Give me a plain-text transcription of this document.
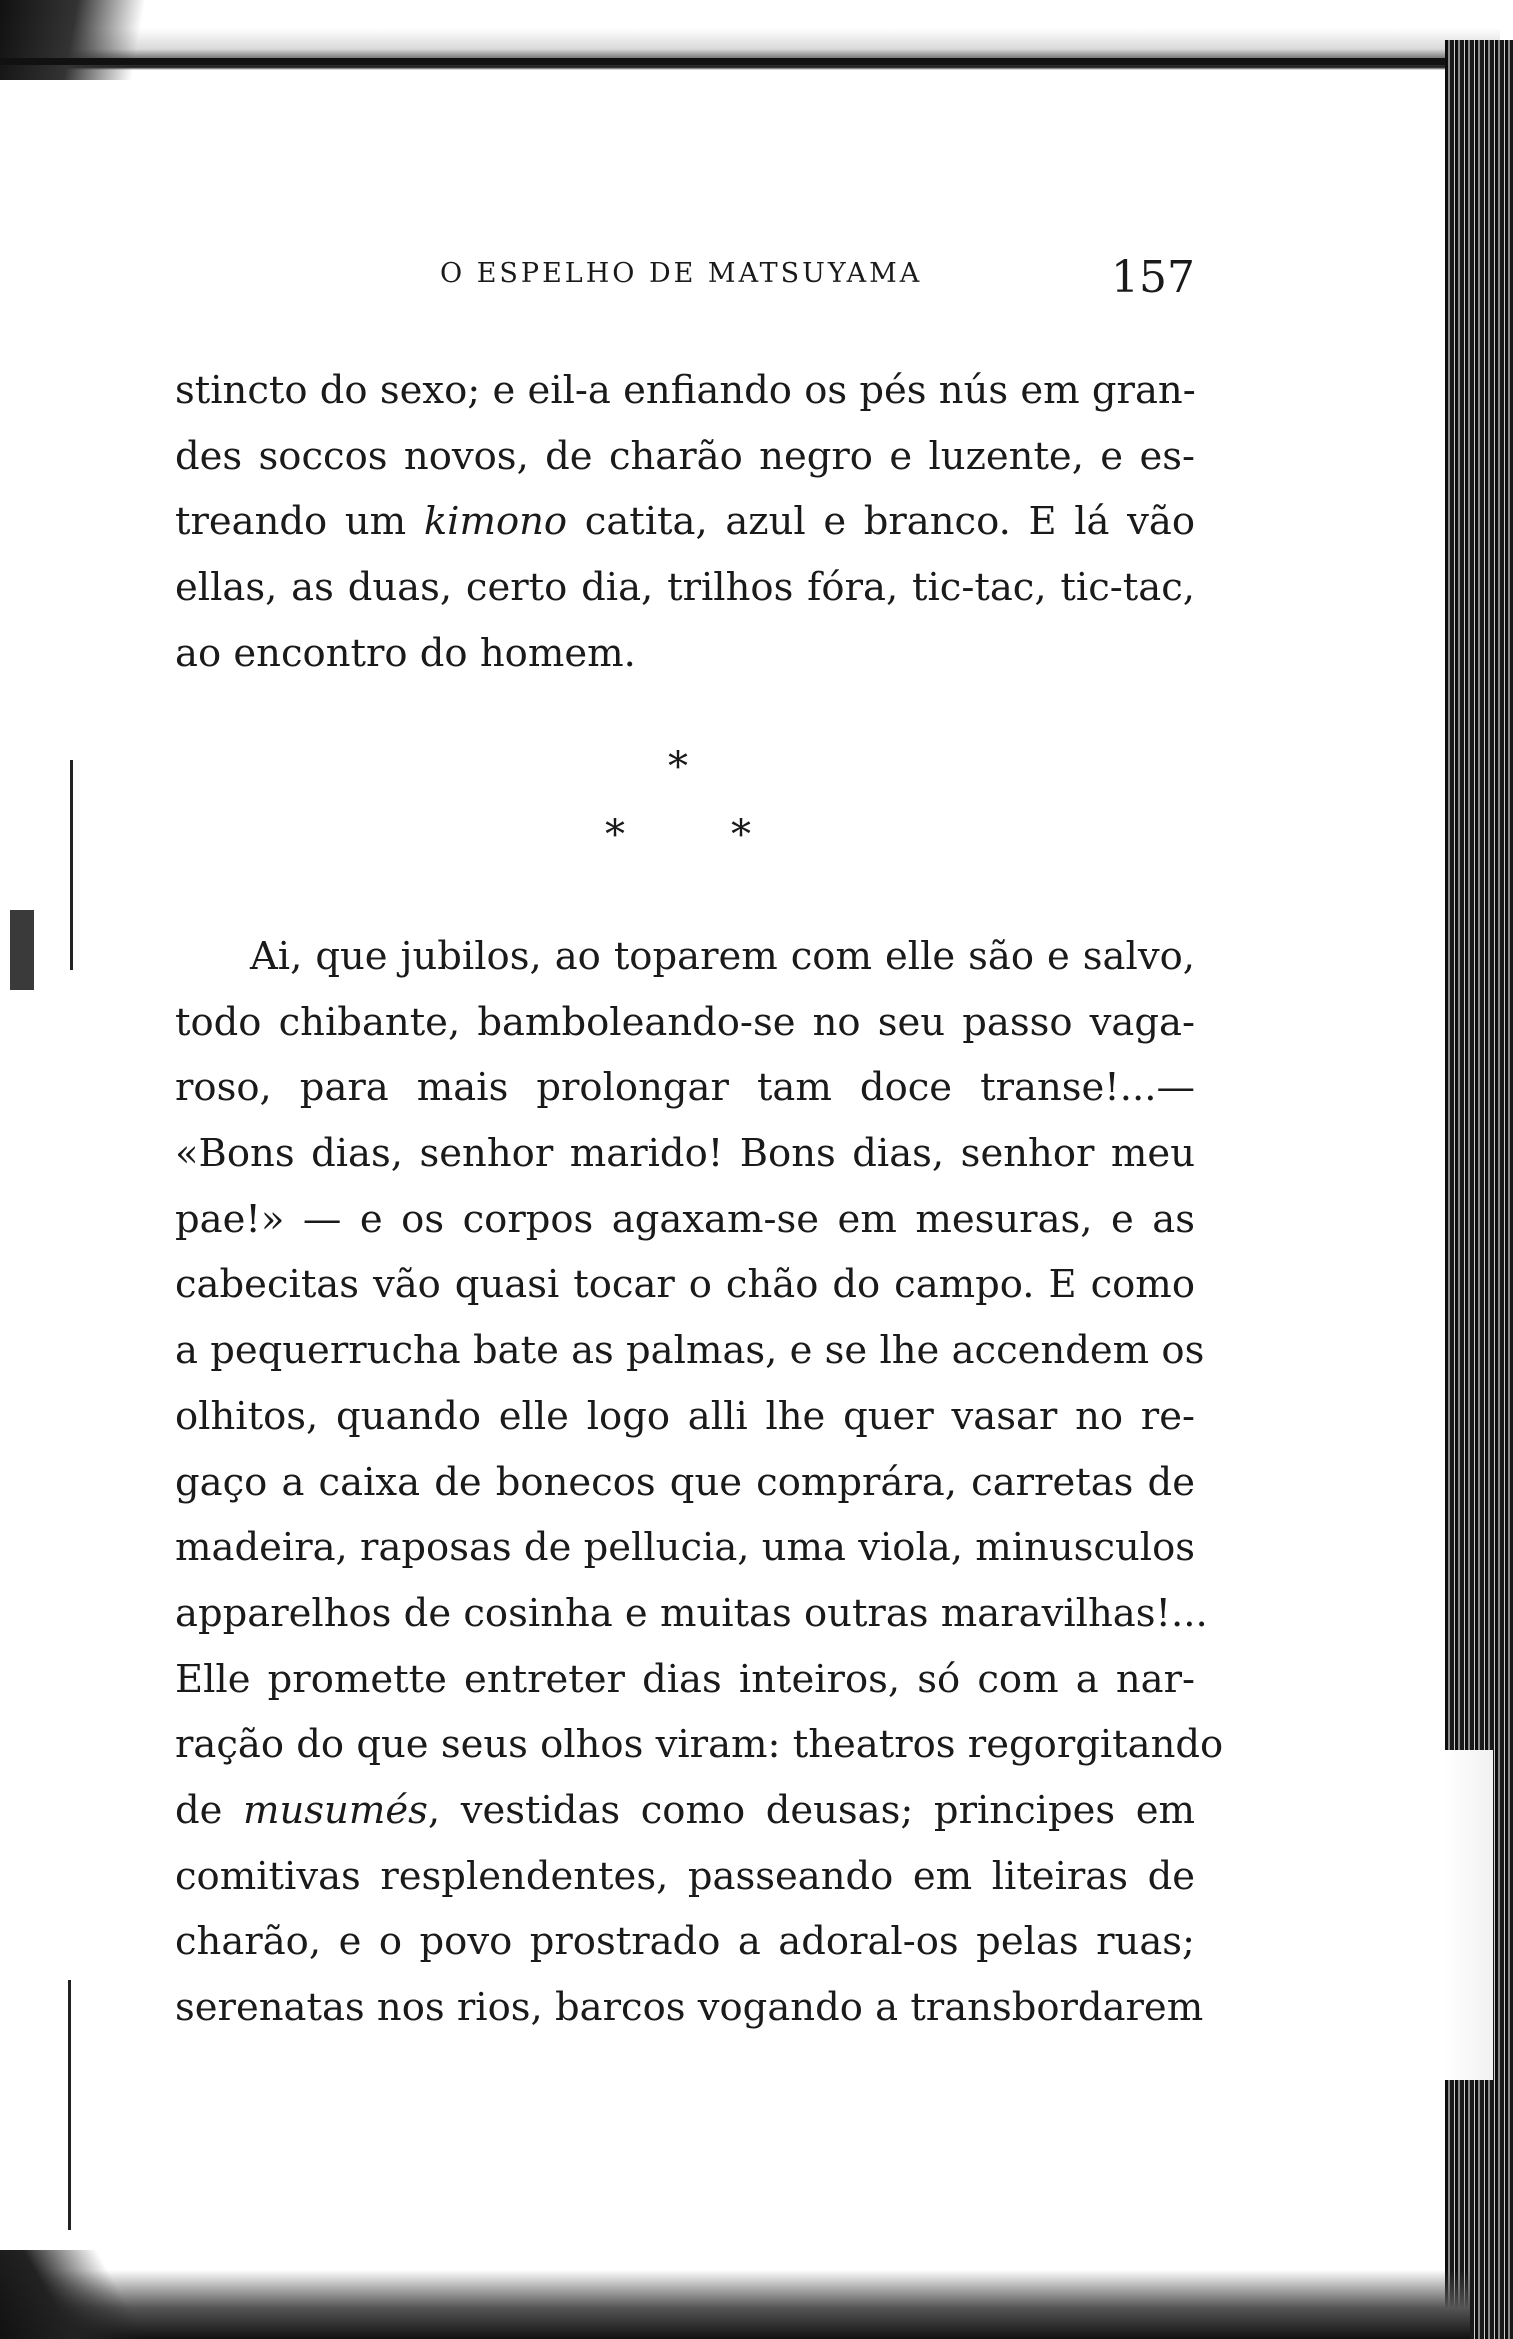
O ESPELHO DE MATSUYAMA	157
stincto do sexo; e eil-a enfiando os pés nús em gran-
des soccos novos, de charão negro e luzente, e es-
treando um kimono catita, azul e branco. E lá vão
ellas, as duas, certo dia, trilhos fóra, tic-tac, tic-tac,
ao encontro do homem.
*
*	*
Ai, que jubilos, ao toparem com elle são e salvo,
todo chibante, bamboleando-se no seu passo vaga-
roso, para mais prolongar tam doce transe!...—
«Bons dias, senhor marido! Bons dias, senhor meu
pae!» — e os corpos agaxam-se em mesuras, e as
cabecitas vão quasi tocar o chão do campo. E como
a pequerrucha bate as palmas, e se lhe accendem os
olhitos, quando elle logo alli lhe quer vasar no re-
gaço a caixa de bonecos que comprára, carretas de
madeira, raposas de pellucia, uma viola, minusculos
apparelhos de cosinha e muitas outras maravilhas!...
Elle promette entreter dias inteiros, só com a nar-
ração do que seus olhos viram: theatros regorgitando
de musumés, vestidas como deusas; principes em
comitivas resplendentes, passeando em liteiras de
charão, e o povo prostrado a adoral-os pelas ruas;
serenatas nos rios, barcos vogando a transbordarem
